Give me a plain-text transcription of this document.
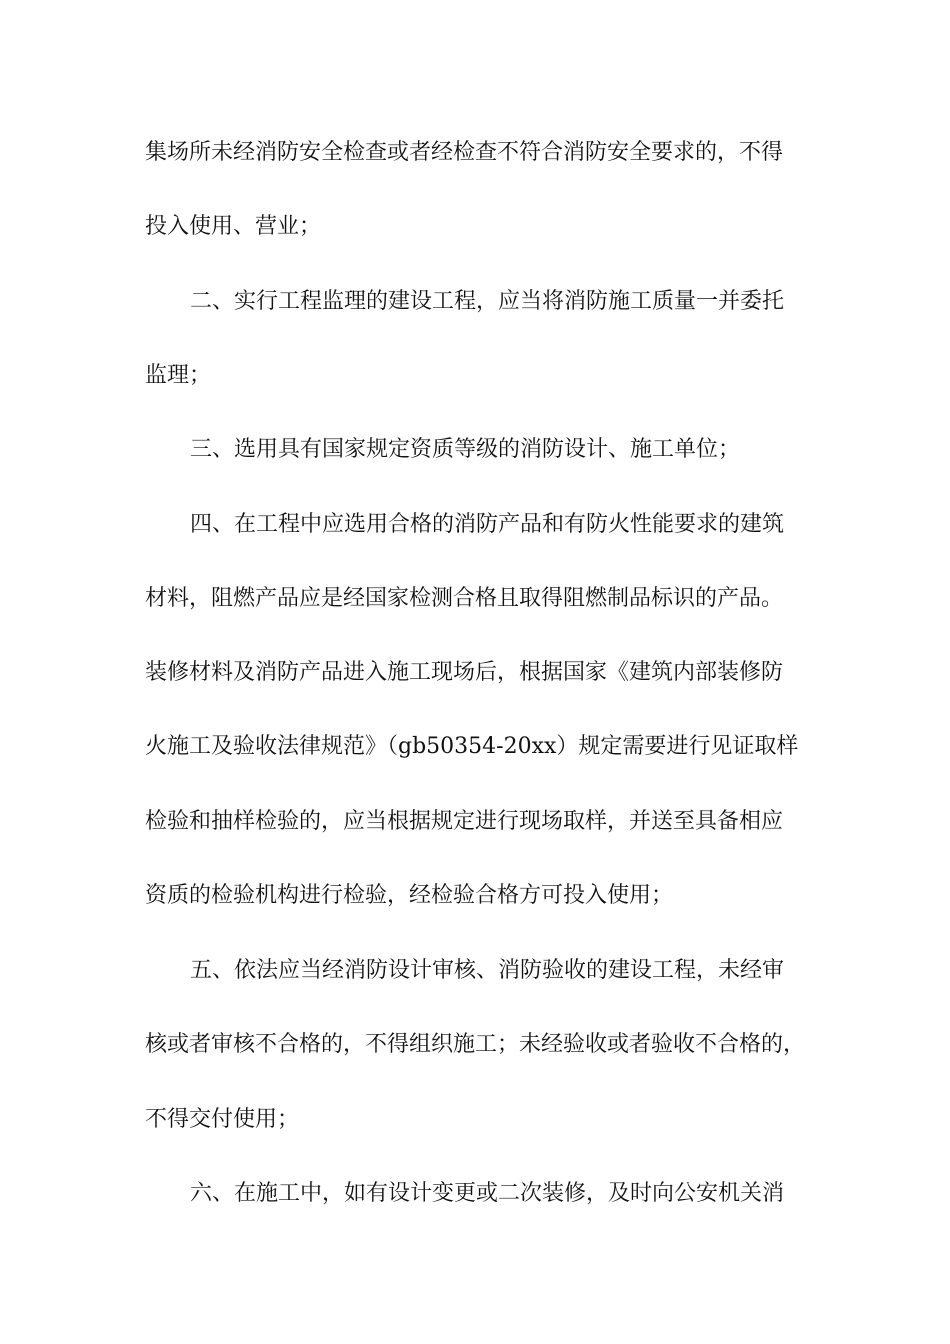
集场所未经消防安全检查或者经检查不符合消防安全要求的，不得
投入使用、营业；
二、实行工程监理的建设工程，应当将消防施工质量一并委托
监理；
三、选用具有国家规定资质等级的消防设计、施工单位；
四、在工程中应选用合格的消防产品和有防火性能要求的建筑
材料，阻燃产品应是经国家检测合格且取得阻燃制品标识的产品。
装修材料及消防产品进入施工现场后，根据国家《建筑内部装修防
火施工及验收法律规范》（gb50354-20xx）规定需要进行见证取样
检验和抽样检验的，应当根据规定进行现场取样，并送至具备相应
资质的检验机构进行检验，经检验合格方可投入使用；
五、依法应当经消防设计审核、消防验收的建设工程，未经审
核或者审核不合格的，不得组织施工；未经验收或者验收不合格的，
不得交付使用；
六、在施工中，如有设计变更或二次装修，及时向公安机关消
